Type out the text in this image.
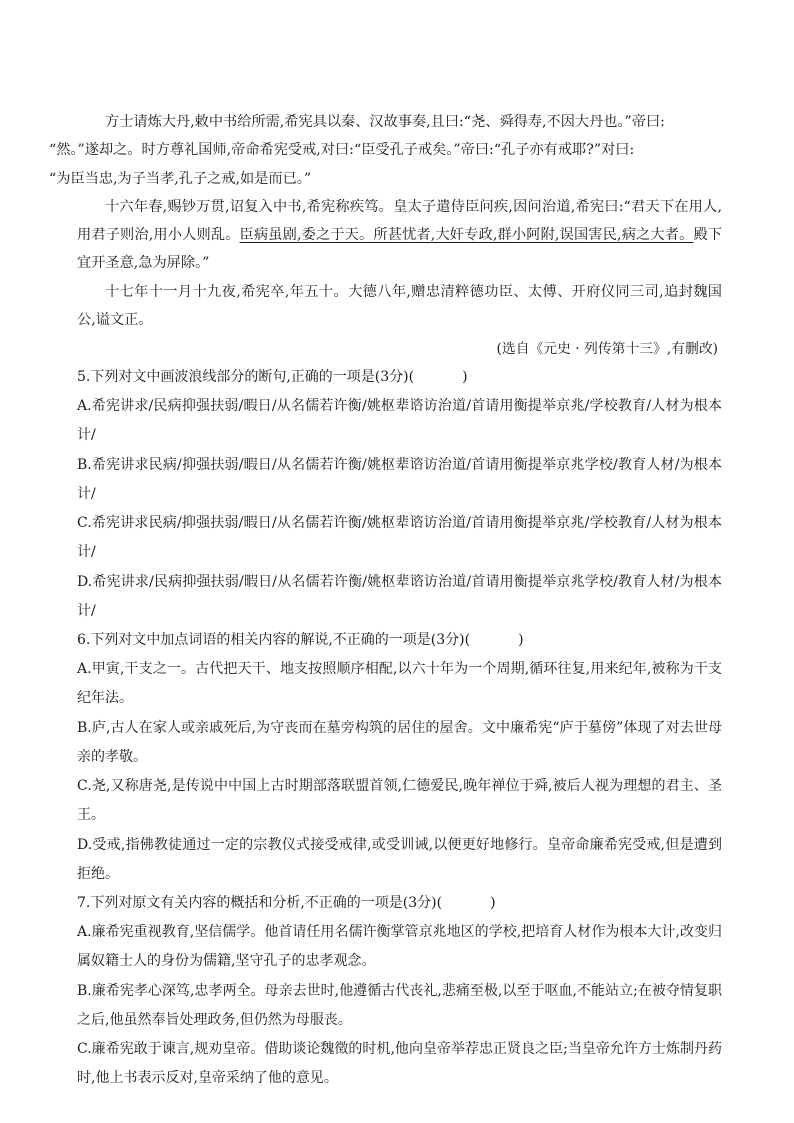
方士请炼大丹,敕中书给所需,希宪具以秦、汉故事奏,且曰:“尧、舜得寿,不因大丹也。”帝曰:
“然。”遂却之。时方尊礼国师,帝命希宪受戒,对曰:“臣受孔子戒矣。”帝曰:“孔子亦有戒耶?”对曰:
“为臣当忠,为子当孝,孔子之戒,如是而已。”

十六年春,赐钞万贯,诏复入中书,希宪称疾笃。皇太子遣侍臣问疾,因问治道,希宪曰:“君天下在用人,用君子则治,用小人则乱。臣病虽剧,委之于天。所甚忧者,大奸专政,群小阿附,误国害民,病之大者。殿下宜开圣意,急为屏除。”

十七年十一月十九夜,希宪卒,年五十。大德八年,赠忠清粹德功臣、太傅、开府仪同三司,追封魏国公,谥文正。

(选自《元史 · 列传第十三》,有删改)

5.下列对文中画波浪线部分的断句,正确的一项是(3分)(	)

A.希宪讲求/民病抑强扶弱/暇日/从名儒若许衡/姚枢辈谘访治道/首请用衡提举京兆/学校教育/人材为根本计/

B.希宪讲求民病/抑强扶弱/暇日/从名儒若许衡/姚枢辈谘访治道/首请用衡提举京兆学校/教育人材/为根本计/

C.希宪讲求民病/抑强扶弱/暇日/从名儒若许衡/姚枢辈谘访治道/首请用衡提举京兆/学校教育/人材为根本计/

D.希宪讲求/民病抑强扶弱/暇日/从名儒若许衡/姚枢辈谘访治道/首请用衡提举京兆学校/教育人材/为根本计/

6.下列对文中加点词语的相关内容的解说,不正确的一项是(3分)(	)

A.甲寅,干支之一。古代把天干、地支按照顺序相配,以六十年为一个周期,循环往复,用来纪年,被称为干支纪年法。

B.庐,古人在家人或亲戚死后,为守丧而在墓旁构筑的居住的屋舍。文中廉希宪“庐于墓傍”体现了对去世母亲的孝敬。

C.尧,又称唐尧,是传说中中国上古时期部落联盟首领,仁德爱民,晚年禅位于舜,被后人视为理想的君主、圣王。

D.受戒,指佛教徒通过一定的宗教仪式接受戒律,或受训诫,以便更好地修行。皇帝命廉希宪受戒,但是遭到拒绝。

7.下列对原文有关内容的概括和分析,不正确的一项是(3分)(	)

A.廉希宪重视教育,坚信儒学。他首请任用名儒许衡掌管京兆地区的学校,把培育人材作为根本大计,改变归属奴籍士人的身份为儒籍,坚守孔子的忠孝观念。

B.廉希宪孝心深笃,忠孝两全。母亲去世时,他遵循古代丧礼,悲痛至极,以至于呕血,不能站立;在被夺情复职之后,他虽然奉旨处理政务,但仍然为母服丧。

C.廉希宪敢于谏言,规劝皇帝。借助谈论魏徵的时机,他向皇帝举荐忠正贤良之臣;当皇帝允许方士炼制丹药时,他上书表示反对,皇帝采纳了他的意见。
